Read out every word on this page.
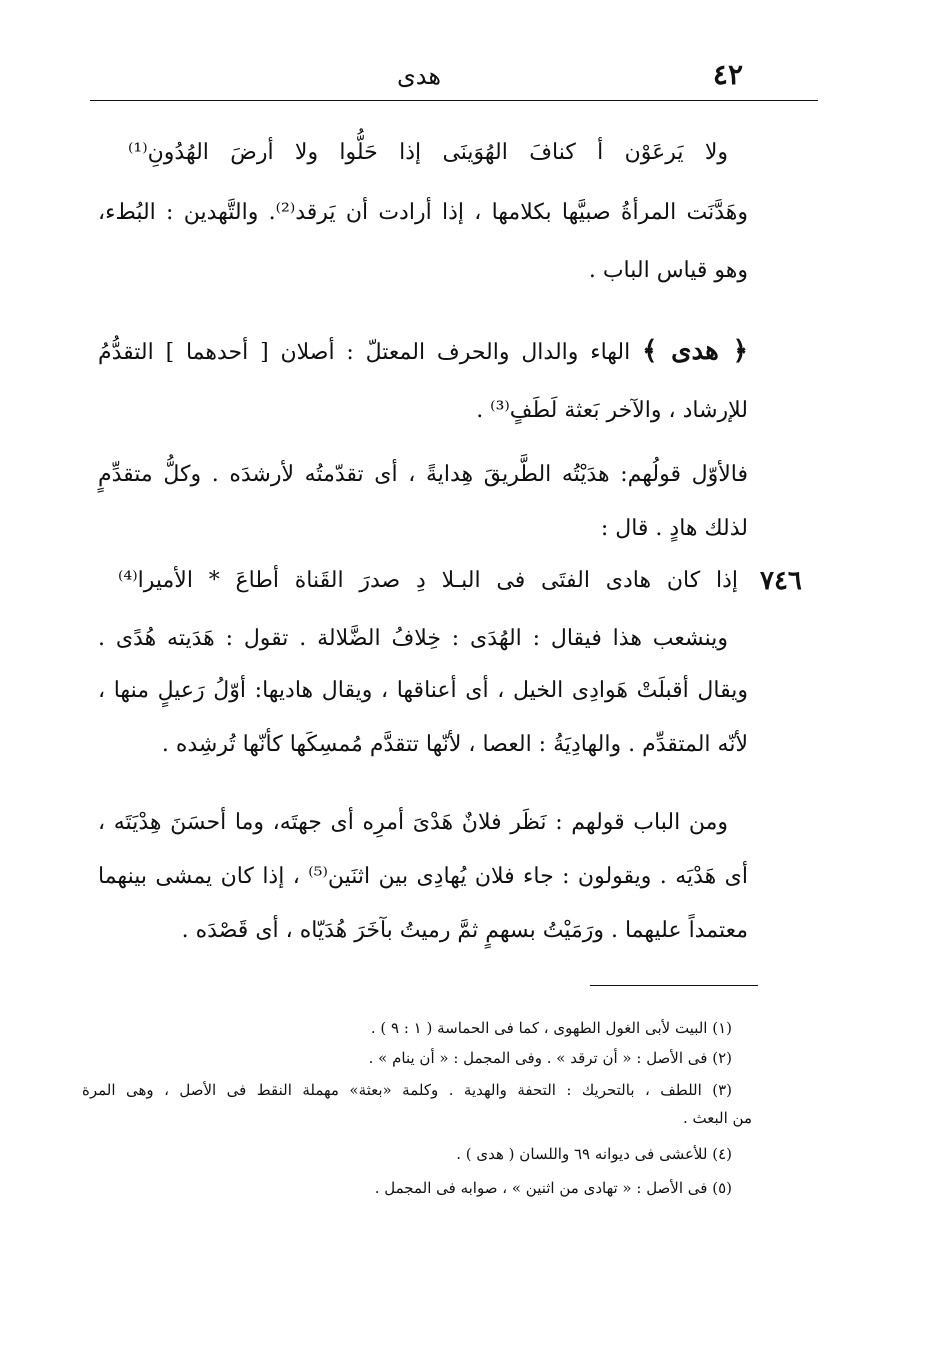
٤٢
هدى
ولا يَرعَوْن أ كنافَ الهُوَينَى إذا حَلُّوا ولا أرضَ الهُدُونِ⁽¹⁾
وهَدَّنَت المرأةُ صبيَّها بكلامها ، إذا أرادت أن يَرقد⁽²⁾. والتَّهدين : البُطء،
وهو قياس الباب .
﴿ هدى ﴾ الهاء والدال والحرف المعتلّ : أصلان [ أحدهما ] التقدُّمُ
للإرشاد ، والآخر بَعثة لَطَفٍ⁽³⁾ .
فالأوّل قولُهم: هدَيْتُه الطَّريقَ هِدايةً ، أى تقدّمتُه لأرشدَه . وكلُّ متقدِّمٍ
لذلك هادٍ . قال :
٧٤٦
إذا كان هادى الفتَى فى البـلا دِ صدرَ القَناة أطاعَ * الأميرا⁽⁴⁾
وينشعب هذا فيقال : الهُدَى : خِلافُ الضَّلالة . تقول : هَدَيته هُدًى .
ويقال أقبلَتْ هَوادِى الخيل ، أى أعناقها ، ويقال هاديها: أوّلُ رَعيلٍ منها ،
لأنّه المتقدِّم . والهادِيَةُ : العصا ، لأنّها تتقدَّم مُمسِكَها كأنّها تُرشِده .
ومن الباب قولهم : نَظَر فلانٌ هَدْىَ أمرِه أى جهتَه، وما أحسَنَ هِدْيَتَه ،
أى هَدْيَه . ويقولون : جاء فلان يُهادِى بين اثنَين⁽⁵⁾ ، إذا كان يمشى بينهما
معتمداً عليهما . ورَمَيْتُ بسهمٍ ثمَّ رميتُ بآخَرَ هُدَيّاه ، أى قَصْدَه .
(١) البيت لأبى الغول الطهوى ، كما فى الحماسة ( ١ : ٩ ) .
(٢) فى الأصل : « أن ترقد » . وفى المجمل : « أن ينام » .
(٣) اللطف ، بالتحريك : التحفة والهدية . وكلمة «بعثة» مهملة النقط فى الأصل ، وهى المرة
من البعث .
(٤) للأعشى فى ديوانه ٦٩ واللسان ( هدى ) .
(٥) فى الأصل : « تهادى من اثنين » ، صوابه فى المجمل .
